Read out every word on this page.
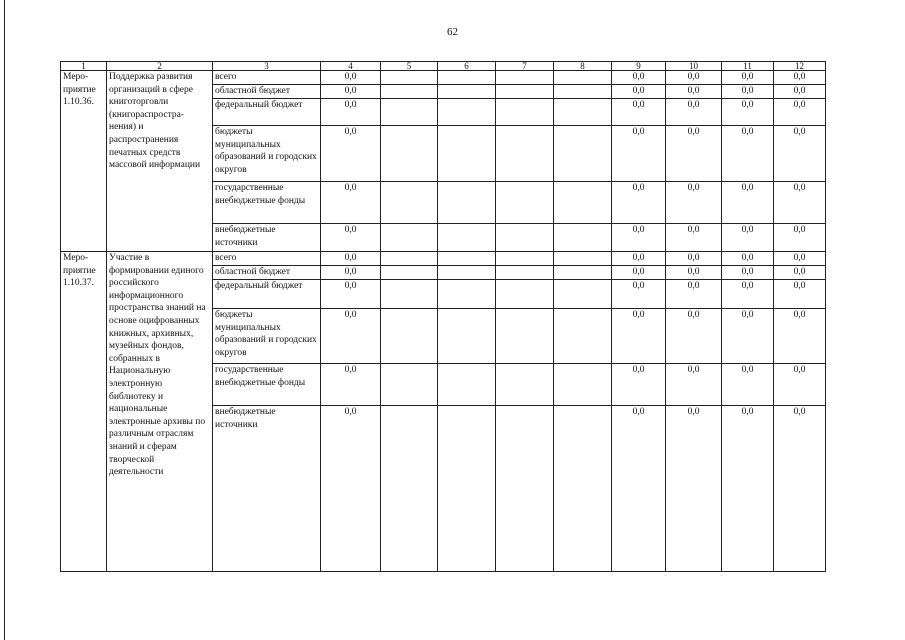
62
1	2	3	4	5	6	7	8	9	10	11	12
Меро-приятие 1.10.36.	Поддержка развития организаций в сфере книготорговли (книгораспростра-нения) и распространения печатных средств массовой информации	всего	0,0					0,0	0,0	0,0	0,0
		областной бюджет	0,0					0,0	0,0	0,0	0,0
		федеральный бюджет	0,0					0,0	0,0	0,0	0,0
		бюджеты муниципальных образований и городских округов	0,0					0,0	0,0	0,0	0,0
		государственные внебюджетные фонды	0,0					0,0	0,0	0,0	0,0
		внебюджетные источники	0,0					0,0	0,0	0,0	0,0
Меро-приятие 1.10.37.	Участие в формировании единого российского информационного пространства знаний на основе оцифрованных книжных, архивных, музейных фондов, собранных в Национальную электронную библиотеку и национальные электронные архивы по различным отраслям знаний и сферам творческой деятельности	всего	0,0					0,0	0,0	0,0	0,0
		областной бюджет	0,0					0,0	0,0	0,0	0,0
		федеральный бюджет	0,0					0,0	0,0	0,0	0,0
		бюджеты муниципальных образований и городских округов	0,0					0,0	0,0	0,0	0,0
		государственные внебюджетные фонды	0,0					0,0	0,0	0,0	0,0
		внебюджетные источники	0,0					0,0	0,0	0,0	0,0
